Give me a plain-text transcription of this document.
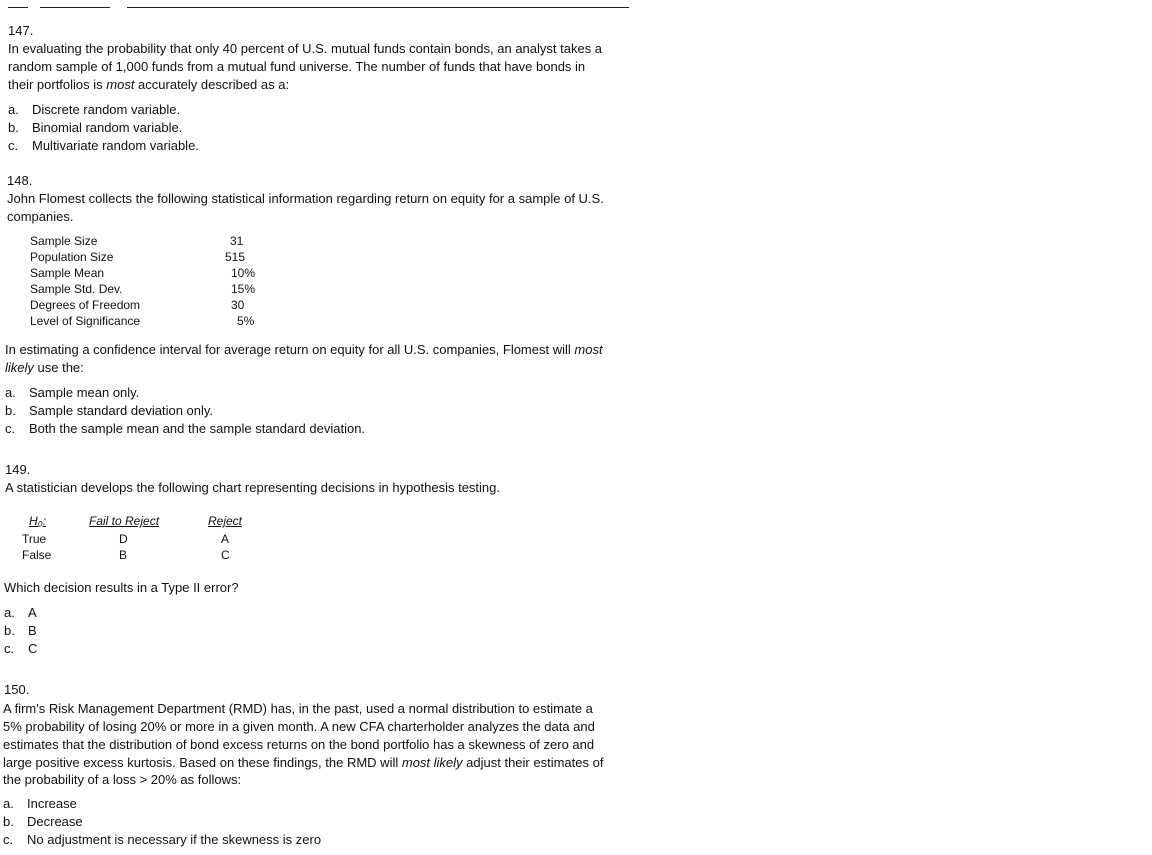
147.
In evaluating the probability that only 40 percent of U.S. mutual funds contain bonds, an analyst takes a
random sample of 1,000 funds from a mutual fund universe. The number of funds that have bonds in
their portfolios is most accurately described as a:
a. Discrete random variable.
b. Binomial random variable.
c. Multivariate random variable.
148.
John Flomest collects the following statistical information regarding return on equity for a sample of U.S.
companies.
Sample Size	31
Population Size	515
Sample Mean	10%
Sample Std. Dev.	15%
Degrees of Freedom	30
Level of Significance	5%
In estimating a confidence interval for average return on equity for all U.S. companies, Flomest will most
likely use the:
a. Sample mean only.
b. Sample standard deviation only.
c. Both the sample mean and the sample standard deviation.
149.
A statistician develops the following chart representing decisions in hypothesis testing.
H₀:	Fail to Reject	Reject
True	D	A
False	B	C
Which decision results in a Type II error?
a. A
b. B
c. C
150.
A firm's Risk Management Department (RMD) has, in the past, used a normal distribution to estimate a
5% probability of losing 20% or more in a given month. A new CFA charterholder analyzes the data and
estimates that the distribution of bond excess returns on the bond portfolio has a skewness of zero and
large positive excess kurtosis. Based on these findings, the RMD will most likely adjust their estimates of
the probability of a loss > 20% as follows:
a. Increase
b. Decrease
c. No adjustment is necessary if the skewness is zero
